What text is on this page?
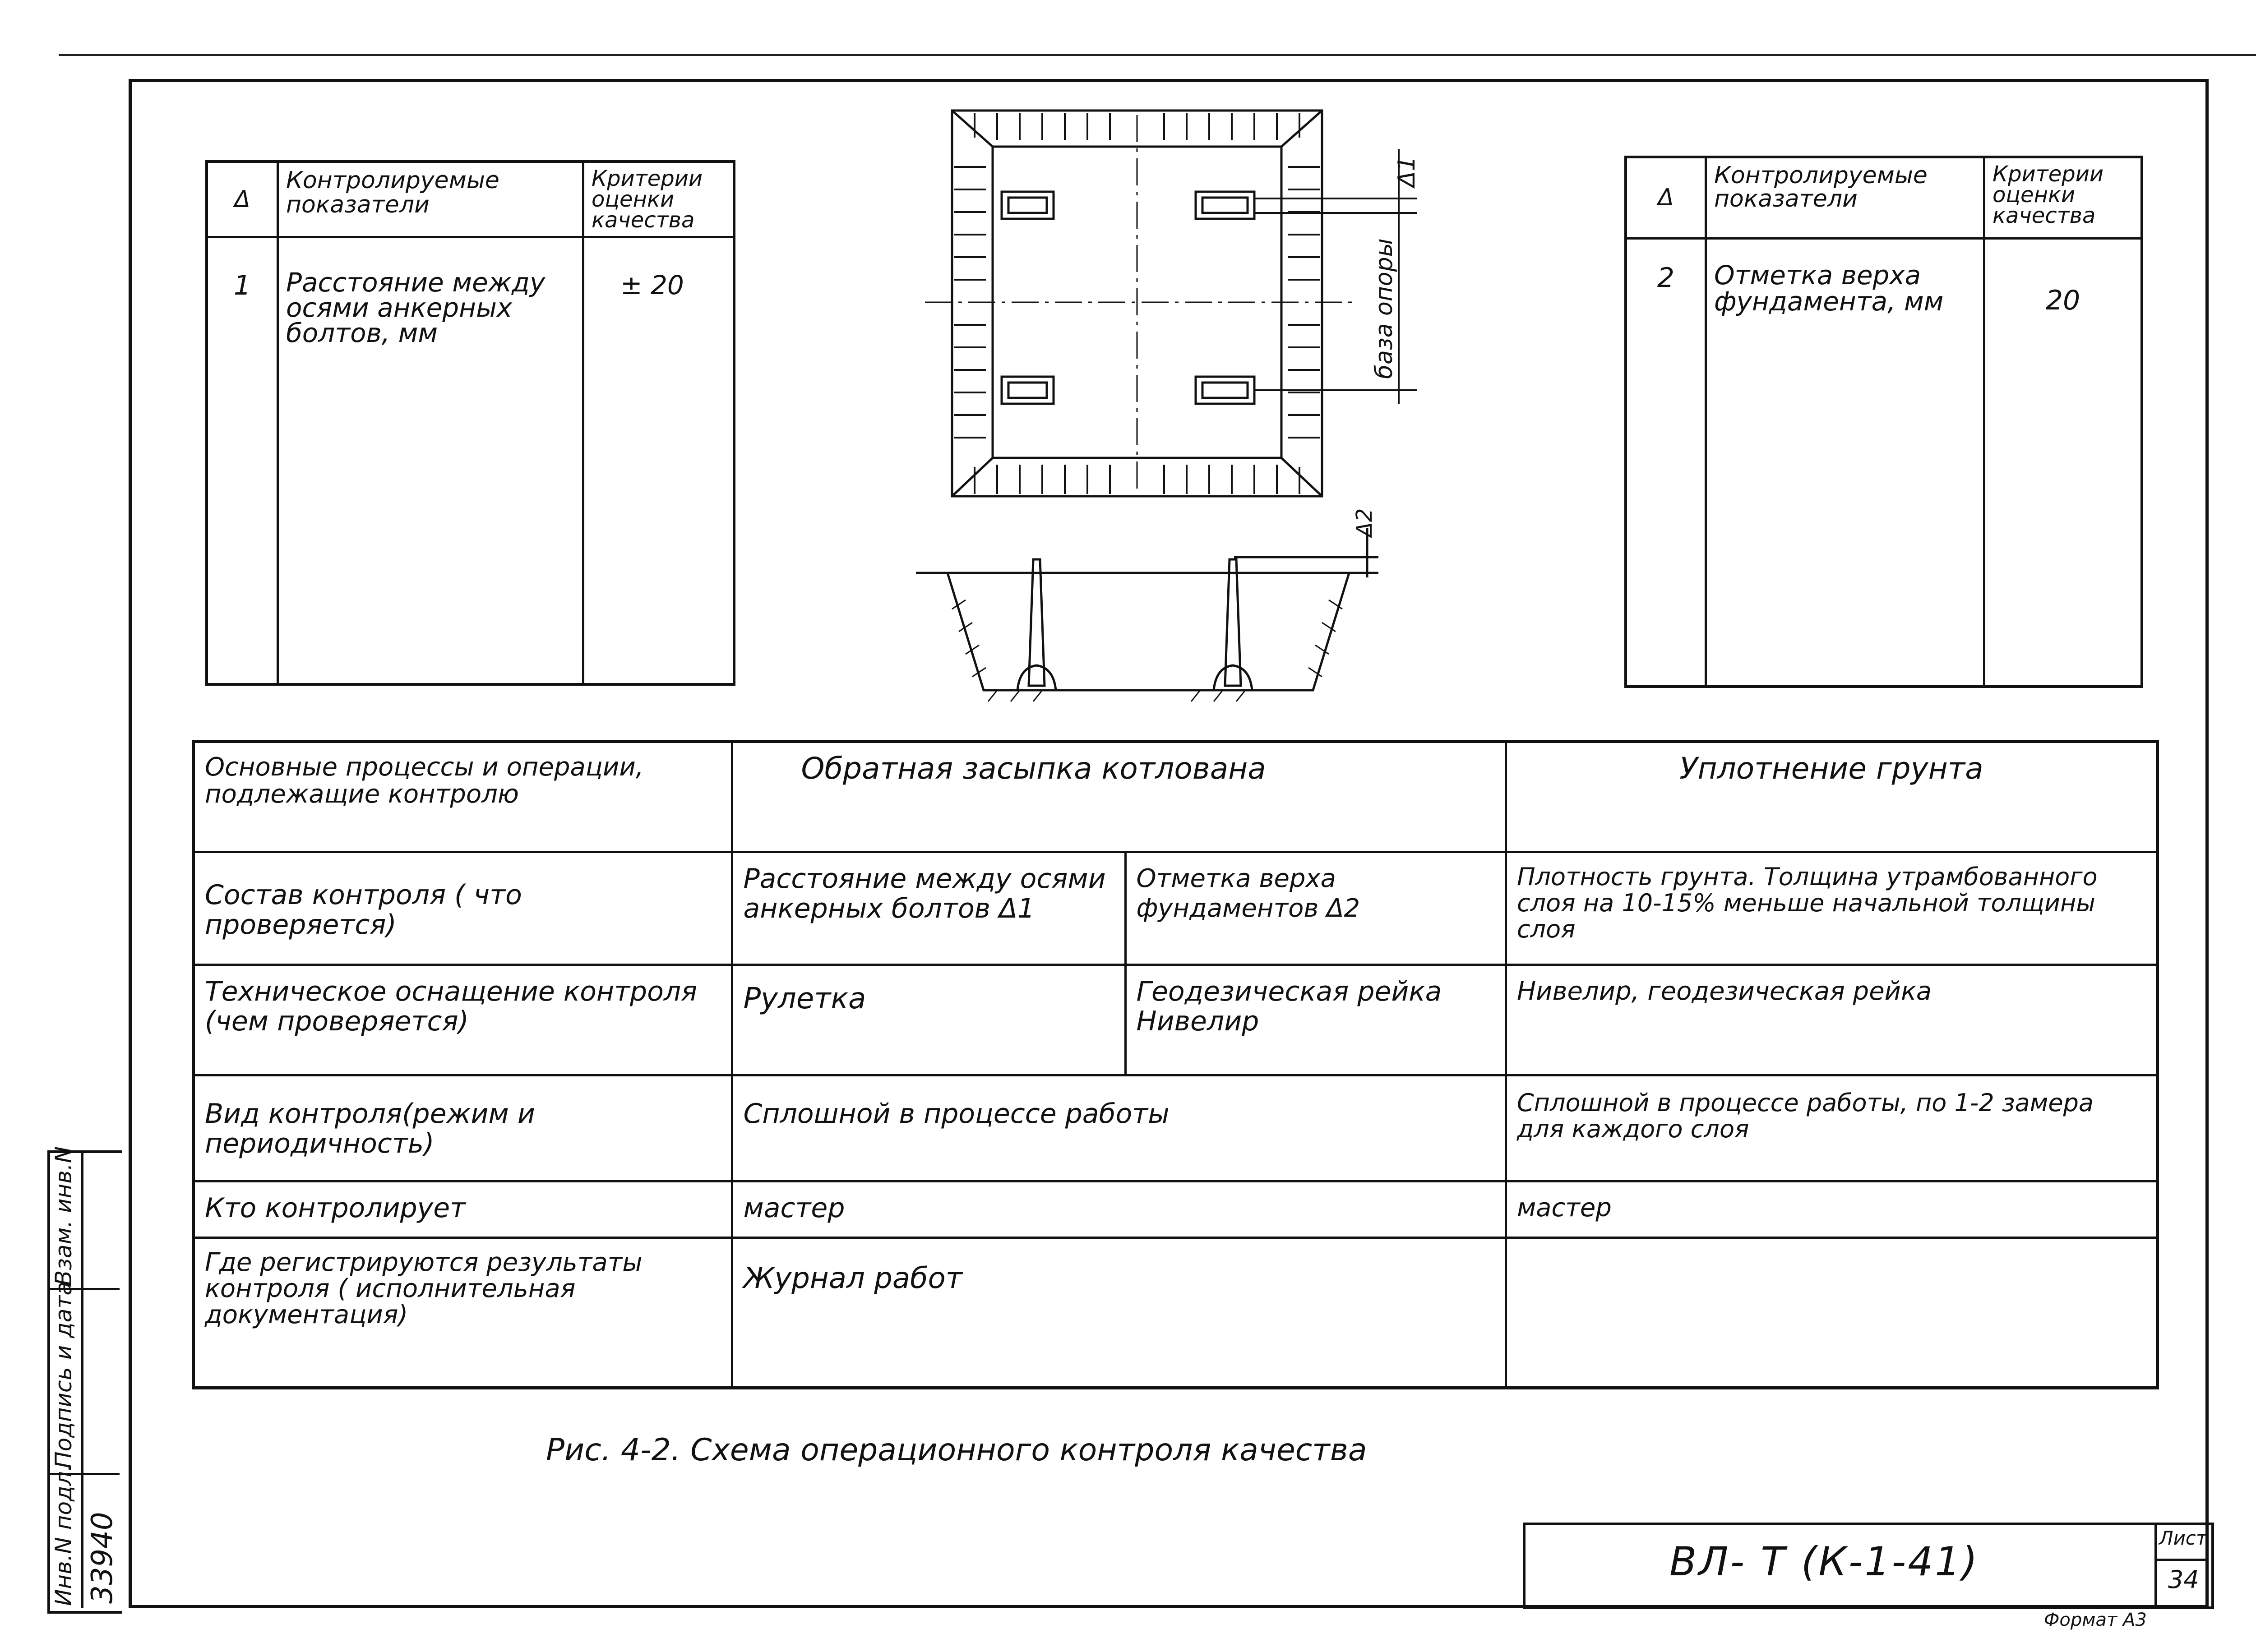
Δ	Контролируемые показатели	Критерии оценки качества
1	Расстояние между осями анкерных болтов, мм	± 20
Δ	Контролируемые показатели	Критерии оценки качества
2	Отметка верха фундамента, мм	20
Δ1
база опоры
Δ2
Основные процессы и операции, подлежащие контролю	Обратная засыпка котлована		Уплотнение грунта
Состав контроля ( что проверяется)	Расстояние между осями анкерных болтов Δ1	Отметка верха фундаментов Δ2	Плотность грунта. Толщина утрамбованного слоя на 10-15% меньше начальной толщины слоя
Техническое оснащение контроля (чем проверяется)	Рулетка	Геодезическая рейка Нивелир	Нивелир, геодезическая рейка
Вид контроля(режим и периодичность)	Сплошной в процессе работы		Сплошной в процессе работы, по 1-2 замера для каждого слоя
Кто контролирует	мастер		мастер
Где регистрируются результаты контроля ( исполнительная документация)	Журнал работ		
Рис. 4-2. Схема операционного контроля качества
ВЛ- Т (К-1-41)
Лист
34
Формат А3
Взам. инв.N
Подпись и дата
Инв.N подл. 33940
